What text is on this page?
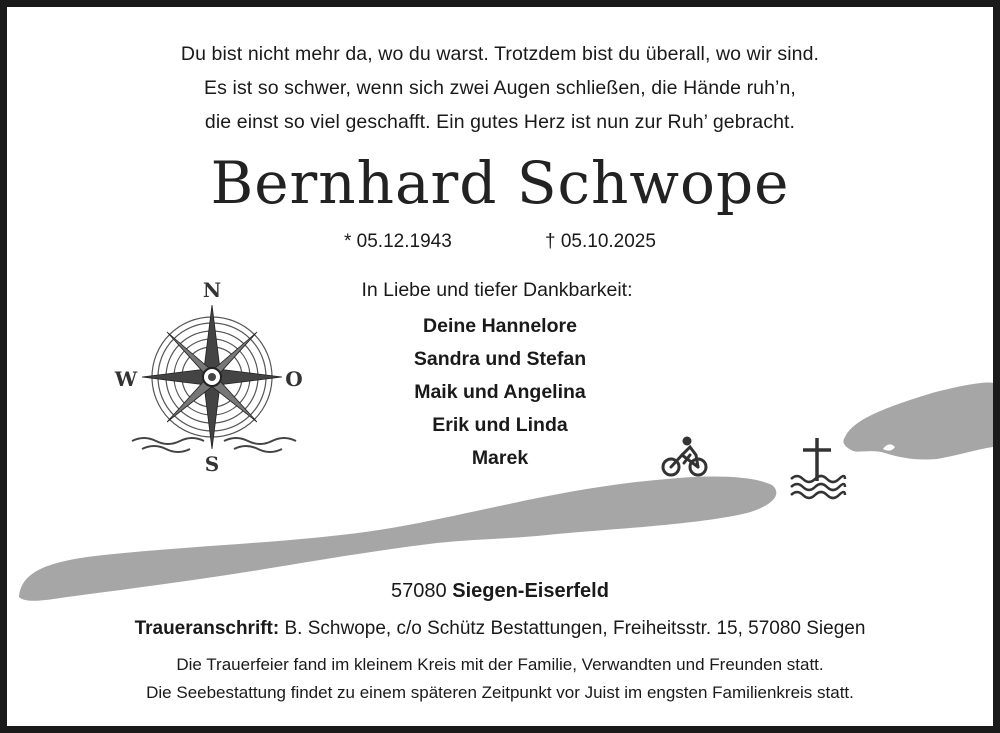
Du bist nicht mehr da, wo du warst. Trotzdem bist du überall, wo wir sind.
Es ist so schwer, wenn sich zwei Augen schließen, die Hände ruh’n,
die einst so viel geschafft. Ein gutes Herz ist nun zur Ruh’ gebracht.
Bernhard Schwope
* 05.12.1943	† 05.10.2025
In Liebe und tiefer Dankbarkeit:
Deine Hannelore
Sandra und Stefan
Maik und Angelina
Erik und Linda
Marek
N
W	O
S
57080 Siegen-Eiserfeld
Traueranschrift: B. Schwope, c/o Schütz Bestattungen, Freiheitsstr. 15, 57080 Siegen
Die Trauerfeier fand im kleinem Kreis mit der Familie, Verwandten und Freunden statt.
Die Seebestattung findet zu einem späteren Zeitpunkt vor Juist im engsten Familienkreis statt.
